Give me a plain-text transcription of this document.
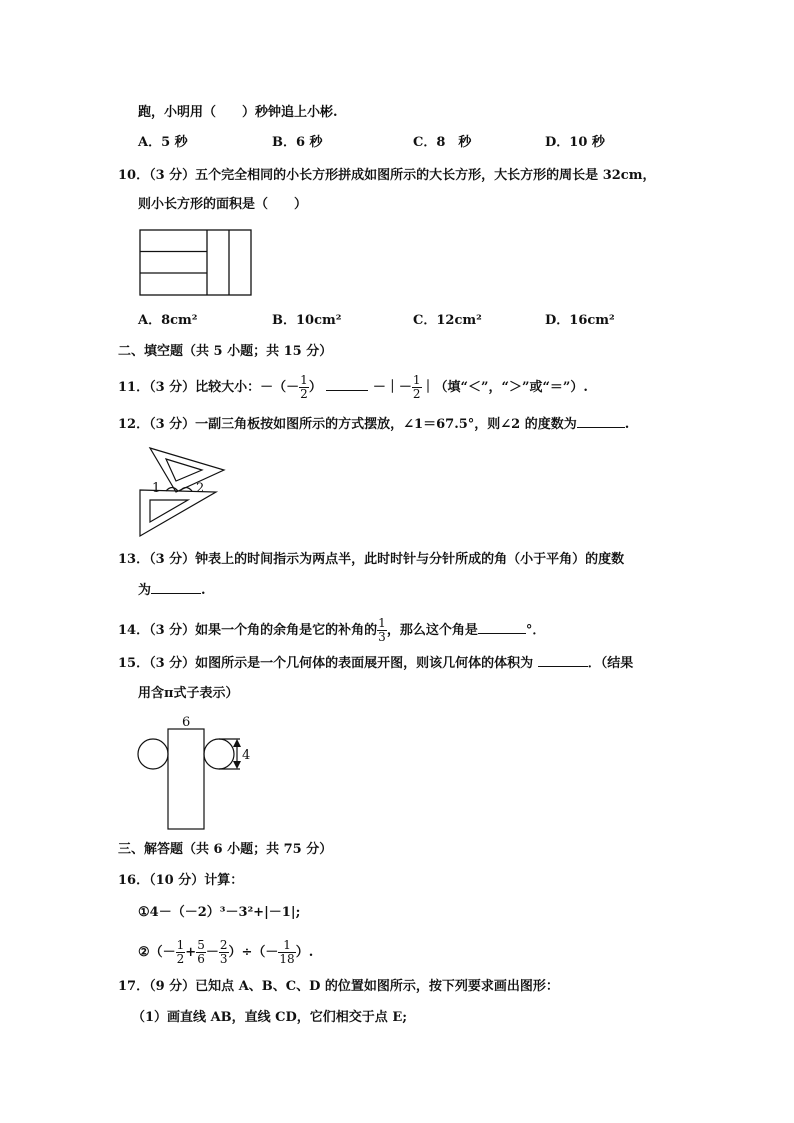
跑，小明用（　　）秒钟追上小彬.
A．5 秒	B．6 秒	C．8　秒	D．10 秒
10．（3 分）五个完全相同的小长方形拼成如图所示的大长方形，大长方形的周长是 32cm，
则小长方形的面积是（　　）
A．8cm²	B．10cm²	C．12cm²	D．16cm²
二、填空题（共 5 小题；共 15 分）
11．（3 分）比较大小：－（－ $\frac{1}{2}$ ）	－｜－ $\frac{1}{2}$ ｜（填“＜”，“＞”或“＝”）.
12．（3 分）一副三角板按如图所示的方式摆放，∠1＝67.5°，则∠2 的度数为	.
1	2
13．（3 分）钟表上的时间指示为两点半，此时时针与分针所成的角（小于平角）的度数
为	.
14．（3 分）如果一个角的余角是它的补角的 $\frac{1}{3}$ ，那么这个角是	°．
15．（3 分）如图所示是一个几何体的表面展开图，则该几何体的体积为	．（结果
用含π式子表示）
6
4
三、解答题（共 6 小题；共 75 分）
16．（10 分）计算：
①4－（－2）³－3²+|－1|;
②（－ $\frac{1}{2} + \frac{5}{6} - \frac{2}{3}$ ）÷（－ $\frac{1}{18}$ ）.
17．（9 分）已知点 A、B、C、D 的位置如图所示，按下列要求画出图形：
（1）画直线 AB，直线 CD，它们相交于点 E;
